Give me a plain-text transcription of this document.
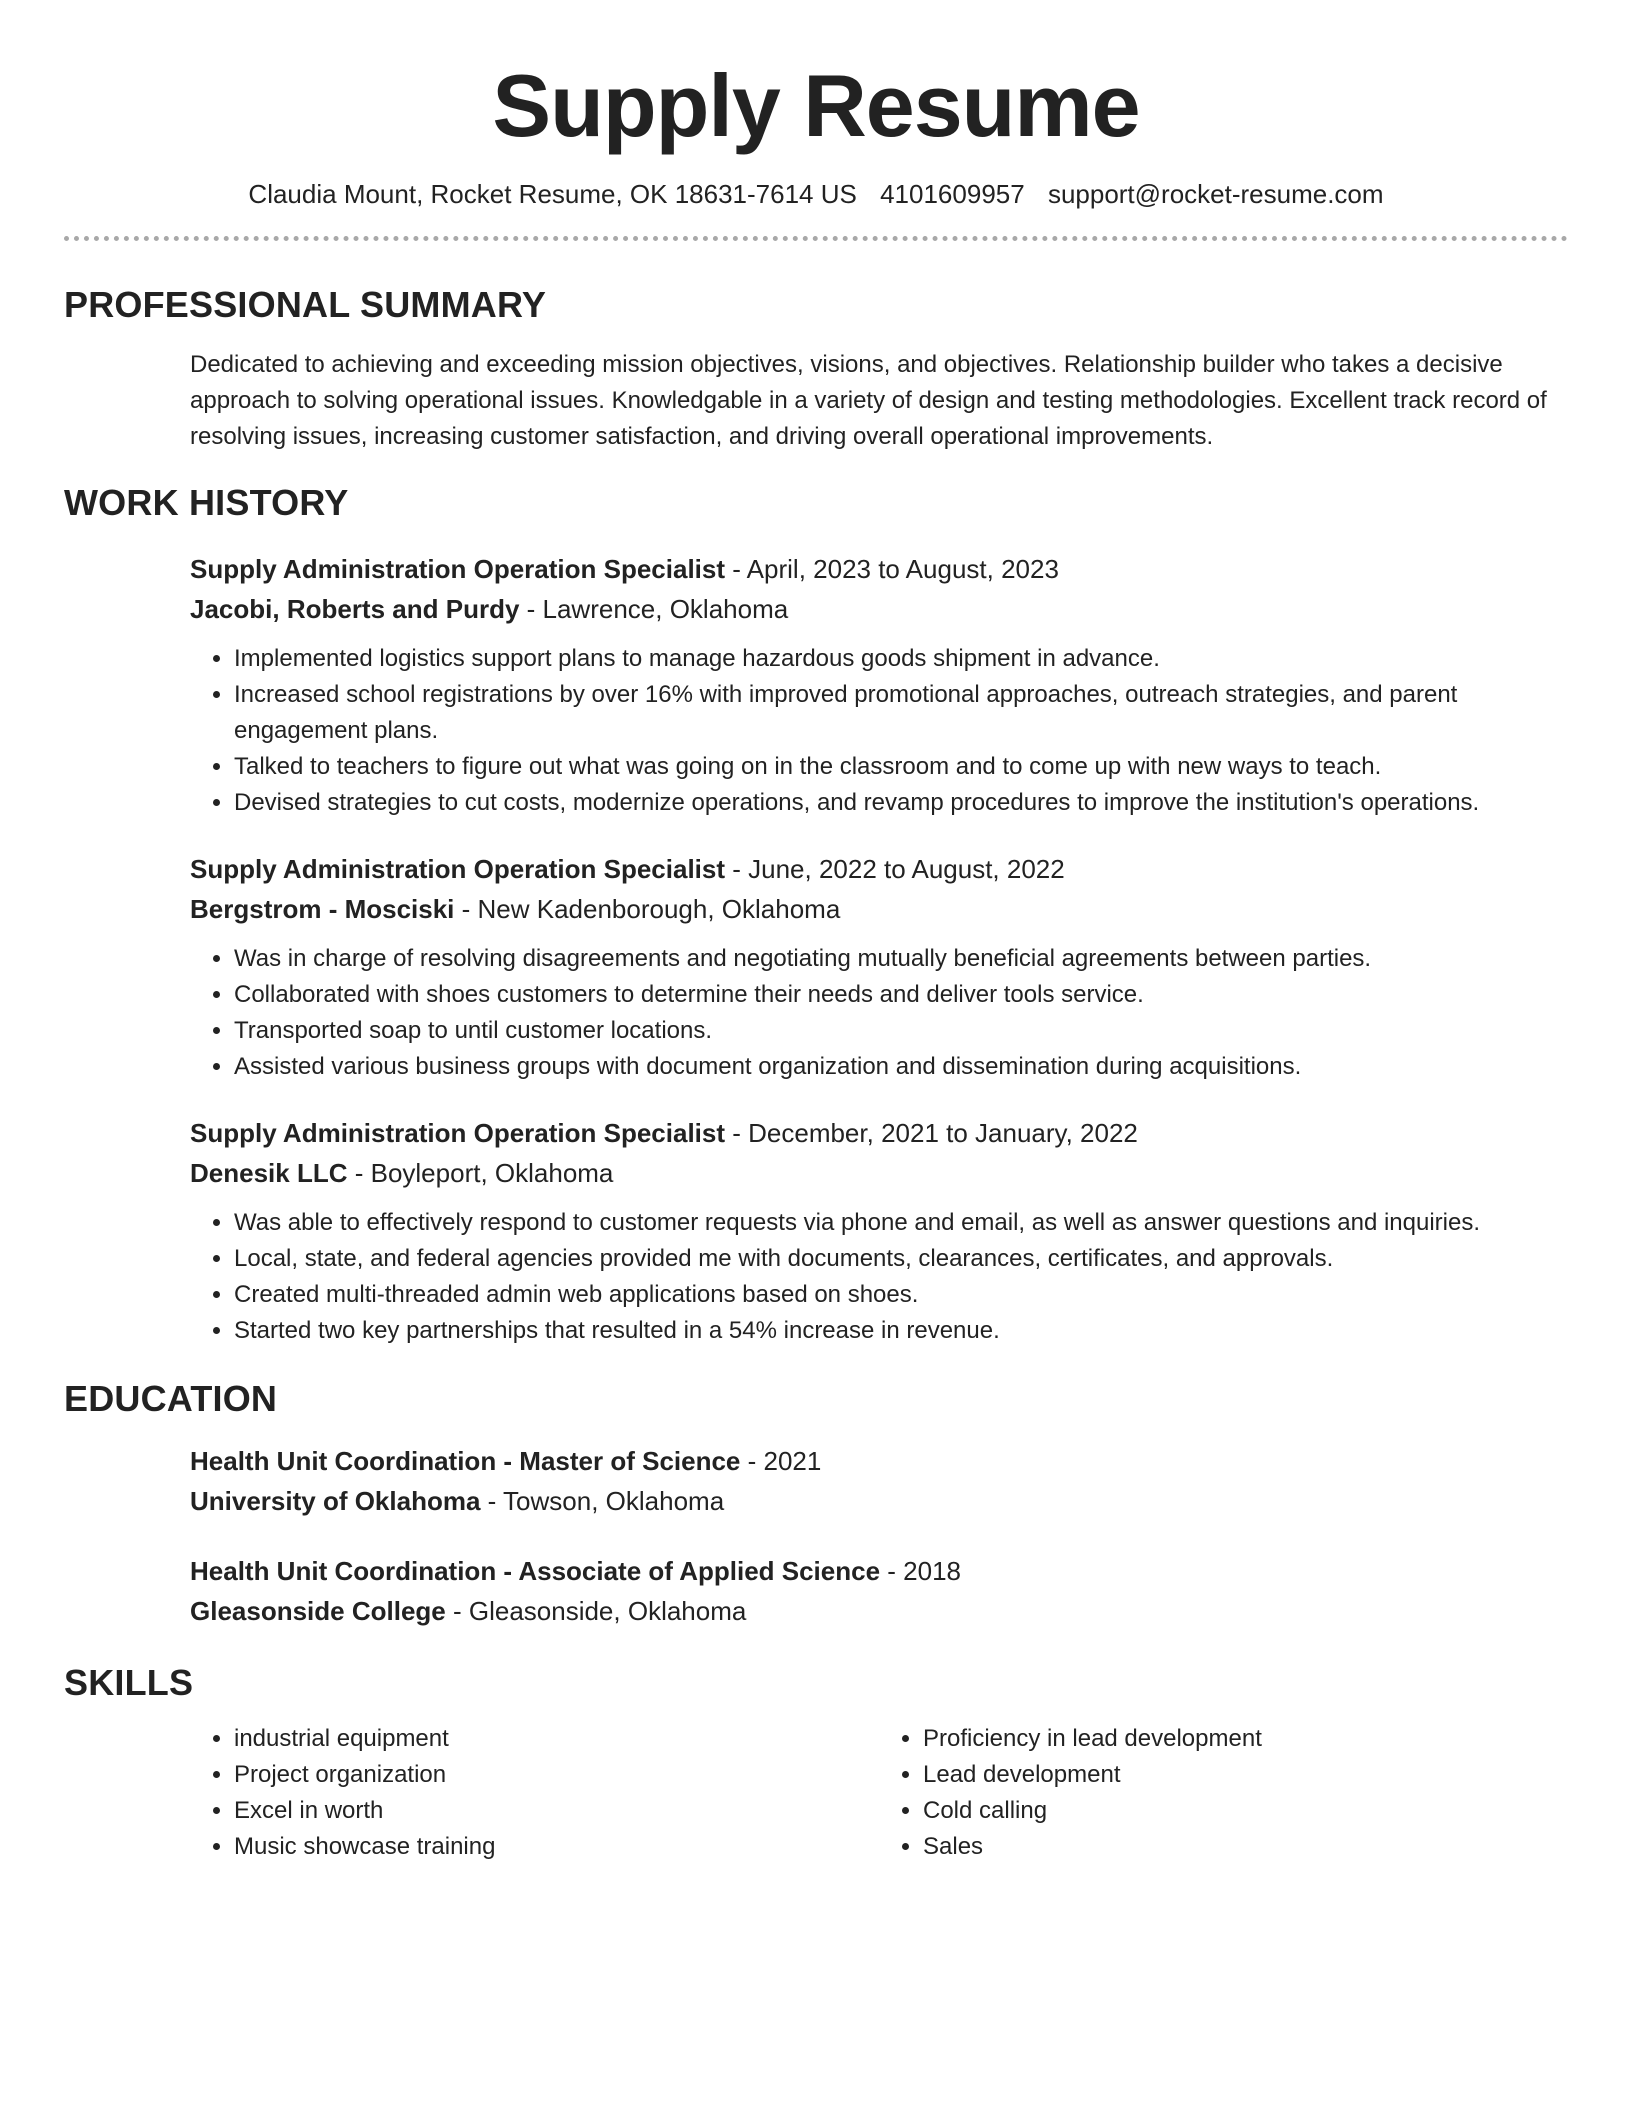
Supply Resume
Claudia Mount, Rocket Resume, OK 18631-7614 US 4101609957 support@rocket-resume.com
PROFESSIONAL SUMMARY

Dedicated to achieving and exceeding mission objectives, visions, and objectives. Relationship builder who takes a decisive approach to solving operational issues. Knowledgable in a variety of design and testing methodologies. Excellent track record of resolving issues, increasing customer satisfaction, and driving overall operational improvements.

WORK HISTORY
Supply Administration Operation Specialist - April, 2023 to August, 2023
Jacobi, Roberts and Purdy - Lawrence, Oklahoma
• Implemented logistics support plans to manage hazardous goods shipment in advance.
• Increased school registrations by over 16% with improved promotional approaches, outreach strategies, and parent engagement plans.
• Talked to teachers to figure out what was going on in the classroom and to come up with new ways to teach.
• Devised strategies to cut costs, modernize operations, and revamp procedures to improve the institution's operations.
Supply Administration Operation Specialist - June, 2022 to August, 2022
Bergstrom - Mosciski - New Kadenborough, Oklahoma
• Was in charge of resolving disagreements and negotiating mutually beneficial agreements between parties.
• Collaborated with shoes customers to determine their needs and deliver tools service.
• Transported soap to until customer locations.
• Assisted various business groups with document organization and dissemination during acquisitions.
Supply Administration Operation Specialist - December, 2021 to January, 2022
Denesik LLC - Boyleport, Oklahoma
• Was able to effectively respond to customer requests via phone and email, as well as answer questions and inquiries.
• Local, state, and federal agencies provided me with documents, clearances, certificates, and approvals.
• Created multi-threaded admin web applications based on shoes.
• Started two key partnerships that resulted in a 54% increase in revenue.
EDUCATION
Health Unit Coordination - Master of Science - 2021
University of Oklahoma - Towson, Oklahoma
Health Unit Coordination - Associate of Applied Science - 2018
Gleasonside College - Gleasonside, Oklahoma
SKILLS
• industrial equipment
• Project organization
• Excel in worth
• Music showcase training
• Proficiency in lead development
• Lead development
• Cold calling
• Sales
